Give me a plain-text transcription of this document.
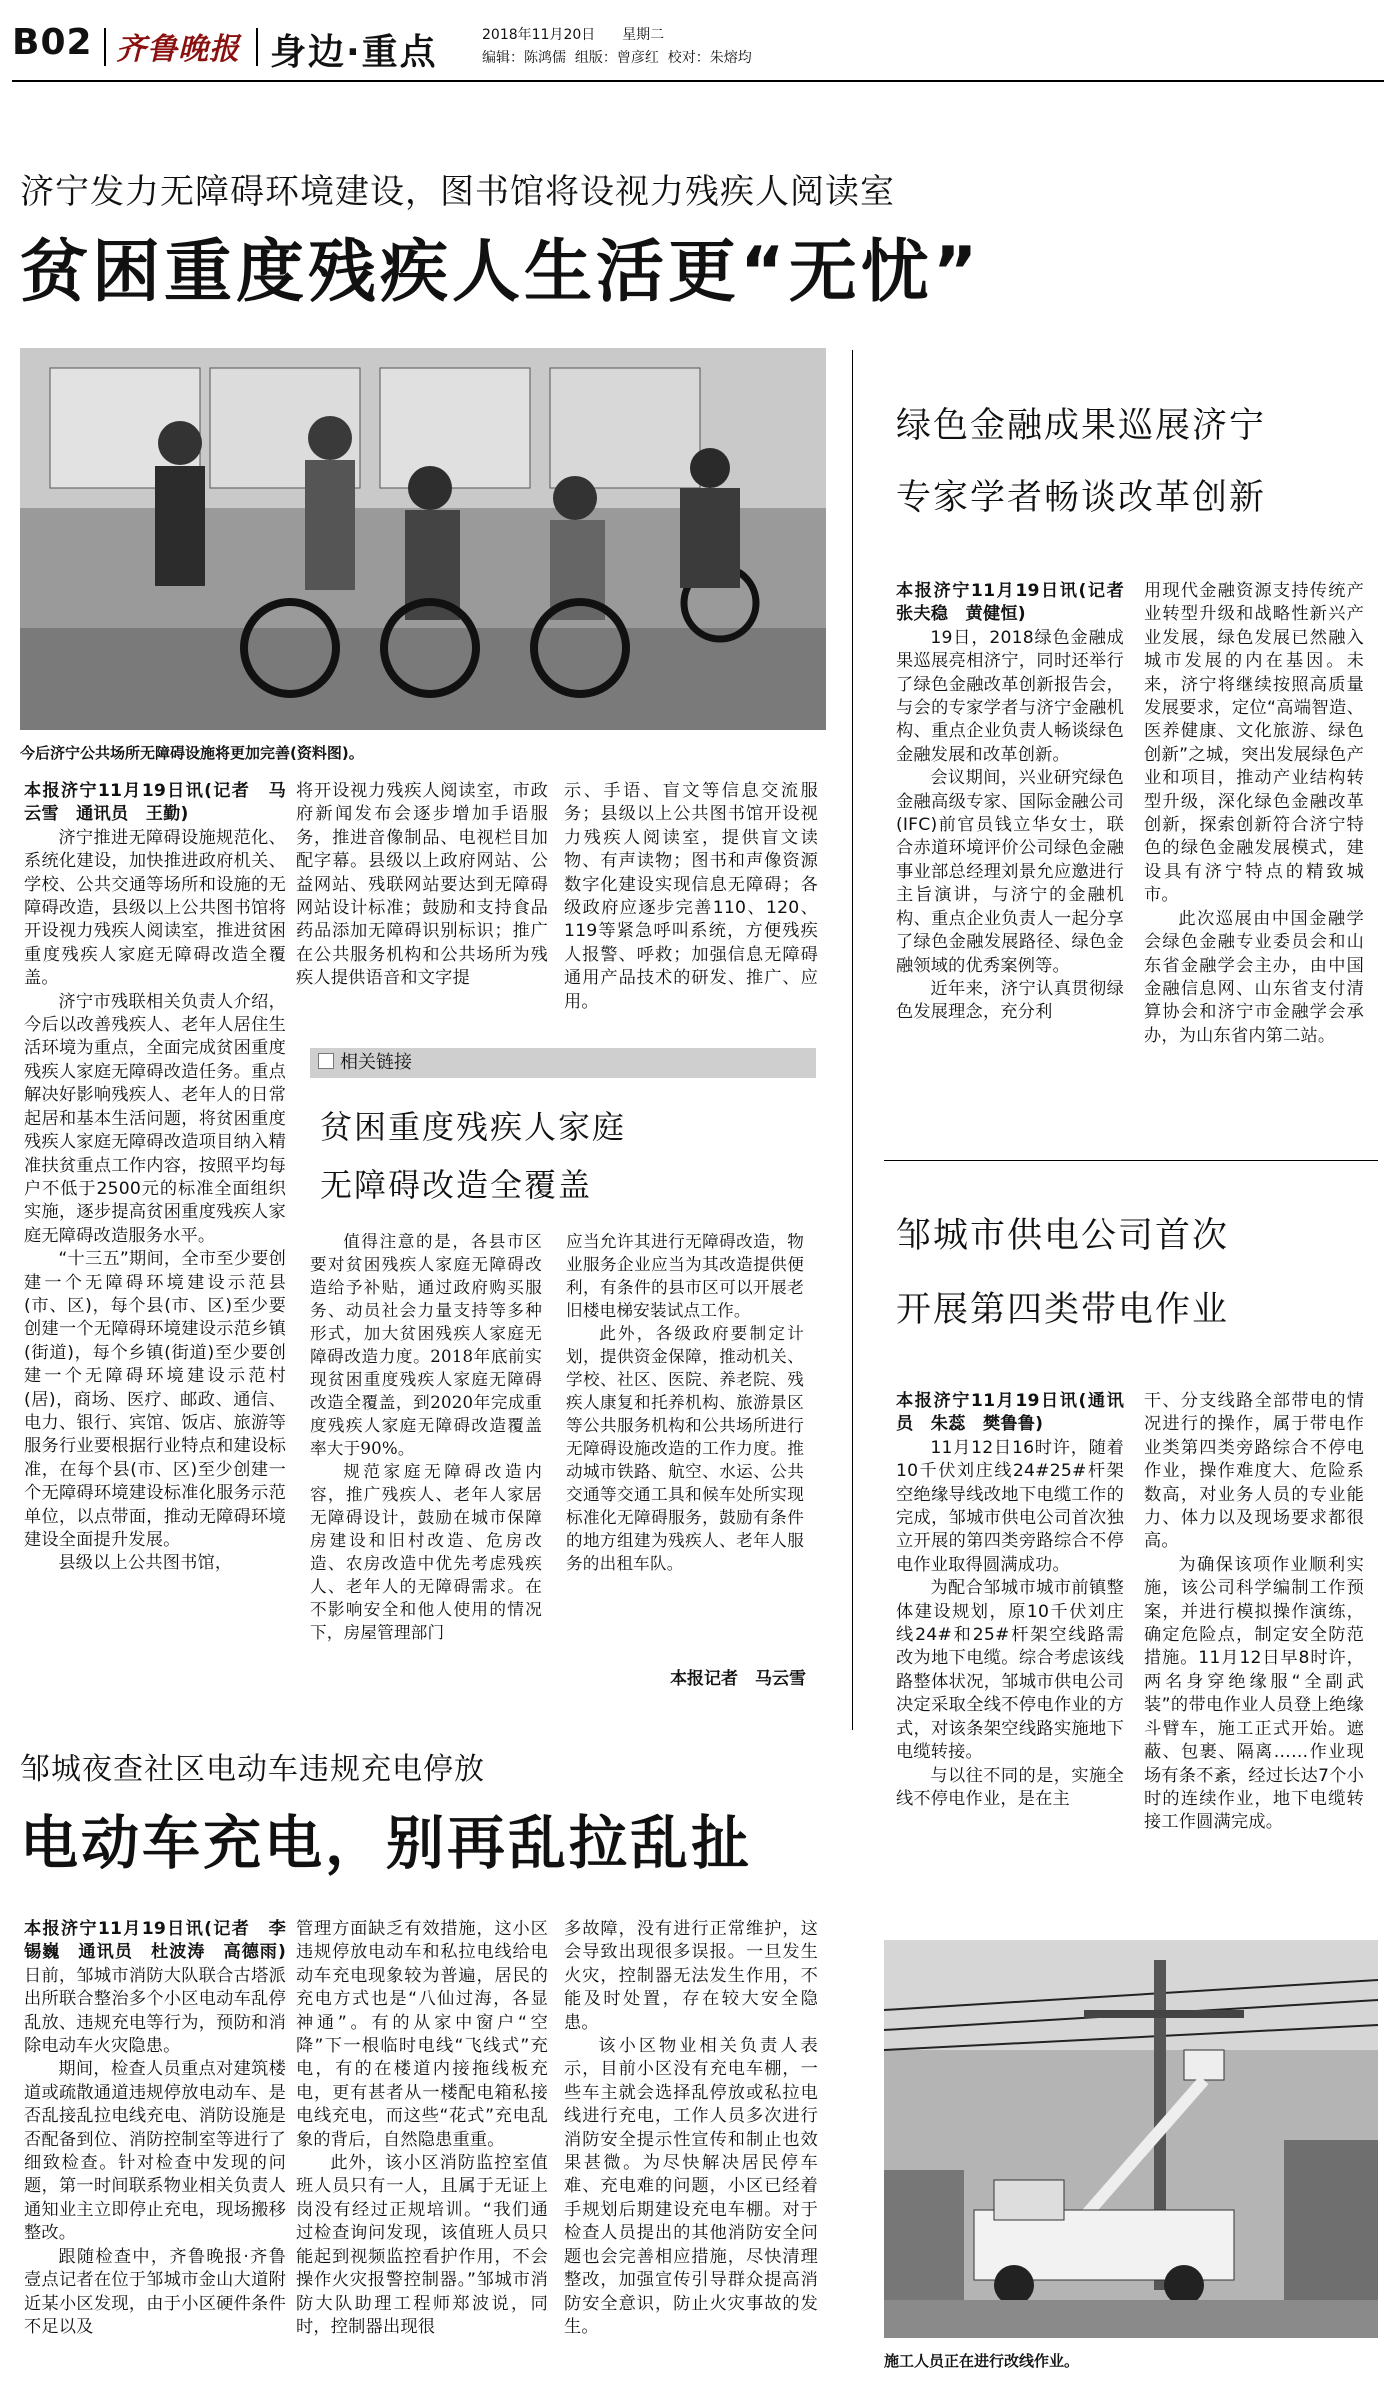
B02 齐鲁晚报 身边·重点	2018年11月20日 星期二
编辑：陈鸿儒  组版：曾彦红  校对：朱熔均
济宁发力无障碍环境建设，图书馆将设视力残疾人阅读室
贫困重度残疾人生活更“无忧”
今后济宁公共场所无障碍设施将更加完善(资料图)。

本报济宁11月19日讯(记者　马云雪　通讯员　王勤)

济宁推进无障碍设施规范化、系统化建设，加快推进政府机关、学校、公共交通等场所和设施的无障碍改造，县级以上公共图书馆将开设视力残疾人阅读室，推进贫困重度残疾人家庭无障碍改造全覆盖。

济宁市残联相关负责人介绍，今后以改善残疾人、老年人居住生活环境为重点，全面完成贫困重度残疾人家庭无障碍改造任务。重点解决好影响残疾人、老年人的日常起居和基本生活问题，将贫困重度残疾人家庭无障碍改造项目纳入精准扶贫重点工作内容，按照平均每户不低于2500元的标准全面组织实施，逐步提高贫困重度残疾人家庭无障碍改造服务水平。

“十三五”期间，全市至少要创建一个无障碍环境建设示范县(市、区)，每个县(市、区)至少要创建一个无障碍环境建设示范乡镇(街道)，每个乡镇(街道)至少要创建一个无障碍环境建设示范村(居)，商场、医疗、邮政、通信、电力、银行、宾馆、饭店、旅游等服务行业要根据行业特点和建设标准，在每个县(市、区)至少创建一个无障碍环境建设标准化服务示范单位，以点带面，推动无障碍环境建设全面提升发展。

县级以上公共图书馆，

将开设视力残疾人阅读室，市政府新闻发布会逐步增加手语服务，推进音像制品、电视栏目加配字幕。县级以上政府网站、公益网站、残联网站要达到无障碍网站设计标准；鼓励和支持食品药品添加无障碍识别标识；推广在公共服务机构和公共场所为残疾人提供语音和文字提

示、手语、盲文等信息交流服务；县级以上公共图书馆开设视力残疾人阅读室，提供盲文读物、有声读物；图书和声像资源数字化建设实现信息无障碍；各级政府应逐步完善110、120、119等紧急呼叫系统，方便残疾人报警、呼救；加强信息无障碍通用产品技术的研发、推广、应用。

相关链接
贫困重度残疾人家庭
无障碍改造全覆盖

值得注意的是，各县市区要对贫困残疾人家庭无障碍改造给予补贴，通过政府购买服务、动员社会力量支持等多种形式，加大贫困残疾人家庭无障碍改造力度。2018年底前实现贫困重度残疾人家庭无障碍改造全覆盖，到2020年完成重度残疾人家庭无障碍改造覆盖率大于90%。

规范家庭无障碍改造内容，推广残疾人、老年人家居无障碍设计，鼓励在城市保障房建设和旧村改造、危房改造、农房改造中优先考虑残疾人、老年人的无障碍需求。在不影响安全和他人使用的情况下，房屋管理部门

应当允许其进行无障碍改造，物业服务企业应当为其改造提供便利，有条件的县市区可以开展老旧楼电梯安装试点工作。

此外，各级政府要制定计划，提供资金保障，推动机关、学校、社区、医院、养老院、残疾人康复和托养机构、旅游景区等公共服务机构和公共场所进行无障碍设施改造的工作力度。推动城市铁路、航空、水运、公共交通等交通工具和候车处所实现标准化无障碍服务，鼓励有条件的地方组建为残疾人、老年人服务的出租车队。

本报记者　马云雪
绿色金融成果巡展济宁
专家学者畅谈改革创新

本报济宁11月19日讯(记者　张夫稳　黄健恒)

19日，2018绿色金融成果巡展亮相济宁，同时还举行了绿色金融改革创新报告会，与会的专家学者与济宁金融机构、重点企业负责人畅谈绿色金融发展和改革创新。

会议期间，兴业研究绿色金融高级专家、国际金融公司(IFC)前官员钱立华女士，联合赤道环境评价公司绿色金融事业部总经理刘景允应邀进行主旨演讲，与济宁的金融机构、重点企业负责人一起分享了绿色金融发展路径、绿色金融领域的优秀案例等。

近年来，济宁认真贯彻绿色发展理念，充分利

用现代金融资源支持传统产业转型升级和战略性新兴产业发展，绿色发展已然融入城市发展的内在基因。未来，济宁将继续按照高质量发展要求，定位“高端智造、医养健康、文化旅游、绿色创新”之城，突出发展绿色产业和项目，推动产业结构转型升级，深化绿色金融改革创新，探索创新符合济宁特色的绿色金融发展模式，建设具有济宁特点的精致城市。

此次巡展由中国金融学会绿色金融专业委员会和山东省金融学会主办，由中国金融信息网、山东省支付清算协会和济宁市金融学会承办，为山东省内第二站。

邹城市供电公司首次
开展第四类带电作业

本报济宁11月19日讯(通讯员　朱蕊　樊鲁鲁)

11月12日16时许，随着10千伏刘庄线24#25#杆架空绝缘导线改地下电缆工作的完成，邹城市供电公司首次独立开展的第四类旁路综合不停电作业取得圆满成功。

为配合邹城市城市前镇整体建设规划，原10千伏刘庄线24#和25#杆架空线路需改为地下电缆。综合考虑该线路整体状况，邹城市供电公司决定采取全线不停电作业的方式，对该条架空线路实施地下电缆转接。

与以往不同的是，实施全线不停电作业，是在主

干、分支线路全部带电的情况进行的操作，属于带电作业类第四类旁路综合不停电作业，操作难度大、危险系数高，对业务人员的专业能力、体力以及现场要求都很高。

为确保该项作业顺利实施，该公司科学编制工作预案，并进行模拟操作演练，确定危险点，制定安全防范措施。11月12日早8时许，两名身穿绝缘服“全副武装”的带电作业人员登上绝缘斗臂车，施工正式开始。遮蔽、包裹、隔离……作业现场有条不紊，经过长达7个小时的连续作业，地下电缆转接工作圆满完成。

施工人员正在进行改线作业。
邹城夜查社区电动车违规充电停放
电动车充电，别再乱拉乱扯

本报济宁11月19日讯(记者　李锡巍　通讯员　杜波涛　高德雨)日前，邹城市消防大队联合古塔派出所联合整治多个小区电动车乱停乱放、违规充电等行为，预防和消除电动车火灾隐患。

期间，检查人员重点对建筑楼道或疏散通道违规停放电动车、是否乱接乱拉电线充电、消防设施是否配备到位、消防控制室等进行了细致检查。针对检查中发现的问题，第一时间联系物业相关负责人通知业主立即停止充电，现场搬移整改。

跟随检查中，齐鲁晚报·齐鲁壹点记者在位于邹城市金山大道附近某小区发现，由于小区硬件条件不足以及

管理方面缺乏有效措施，这小区违规停放电动车和私拉电线给电动车充电现象较为普遍，居民的充电方式也是“八仙过海，各显神通”。有的从家中窗户“空降”下一根临时电线“飞线式”充电，有的在楼道内接拖线板充电，更有甚者从一楼配电箱私接电线充电，而这些“花式”充电乱象的背后，自然隐患重重。

此外，该小区消防监控室值班人员只有一人，且属于无证上岗没有经过正规培训。“我们通过检查询问发现，该值班人员只能起到视频监控看护作用，不会操作火灾报警控制器。”邹城市消防大队助理工程师郑波说，同时，控制器出现很

多故障，没有进行正常维护，这会导致出现很多误报。一旦发生火灾，控制器无法发生作用，不能及时处置，存在较大安全隐患。

该小区物业相关负责人表示，目前小区没有充电车棚，一些车主就会选择乱停放或私拉电线进行充电，工作人员多次进行消防安全提示性宣传和制止也效果甚微。为尽快解决居民停车难、充电难的问题，小区已经着手规划后期建设充电车棚。对于检查人员提出的其他消防安全问题也会完善相应措施，尽快清理整改，加强宣传引导群众提高消防安全意识，防止火灾事故的发生。
